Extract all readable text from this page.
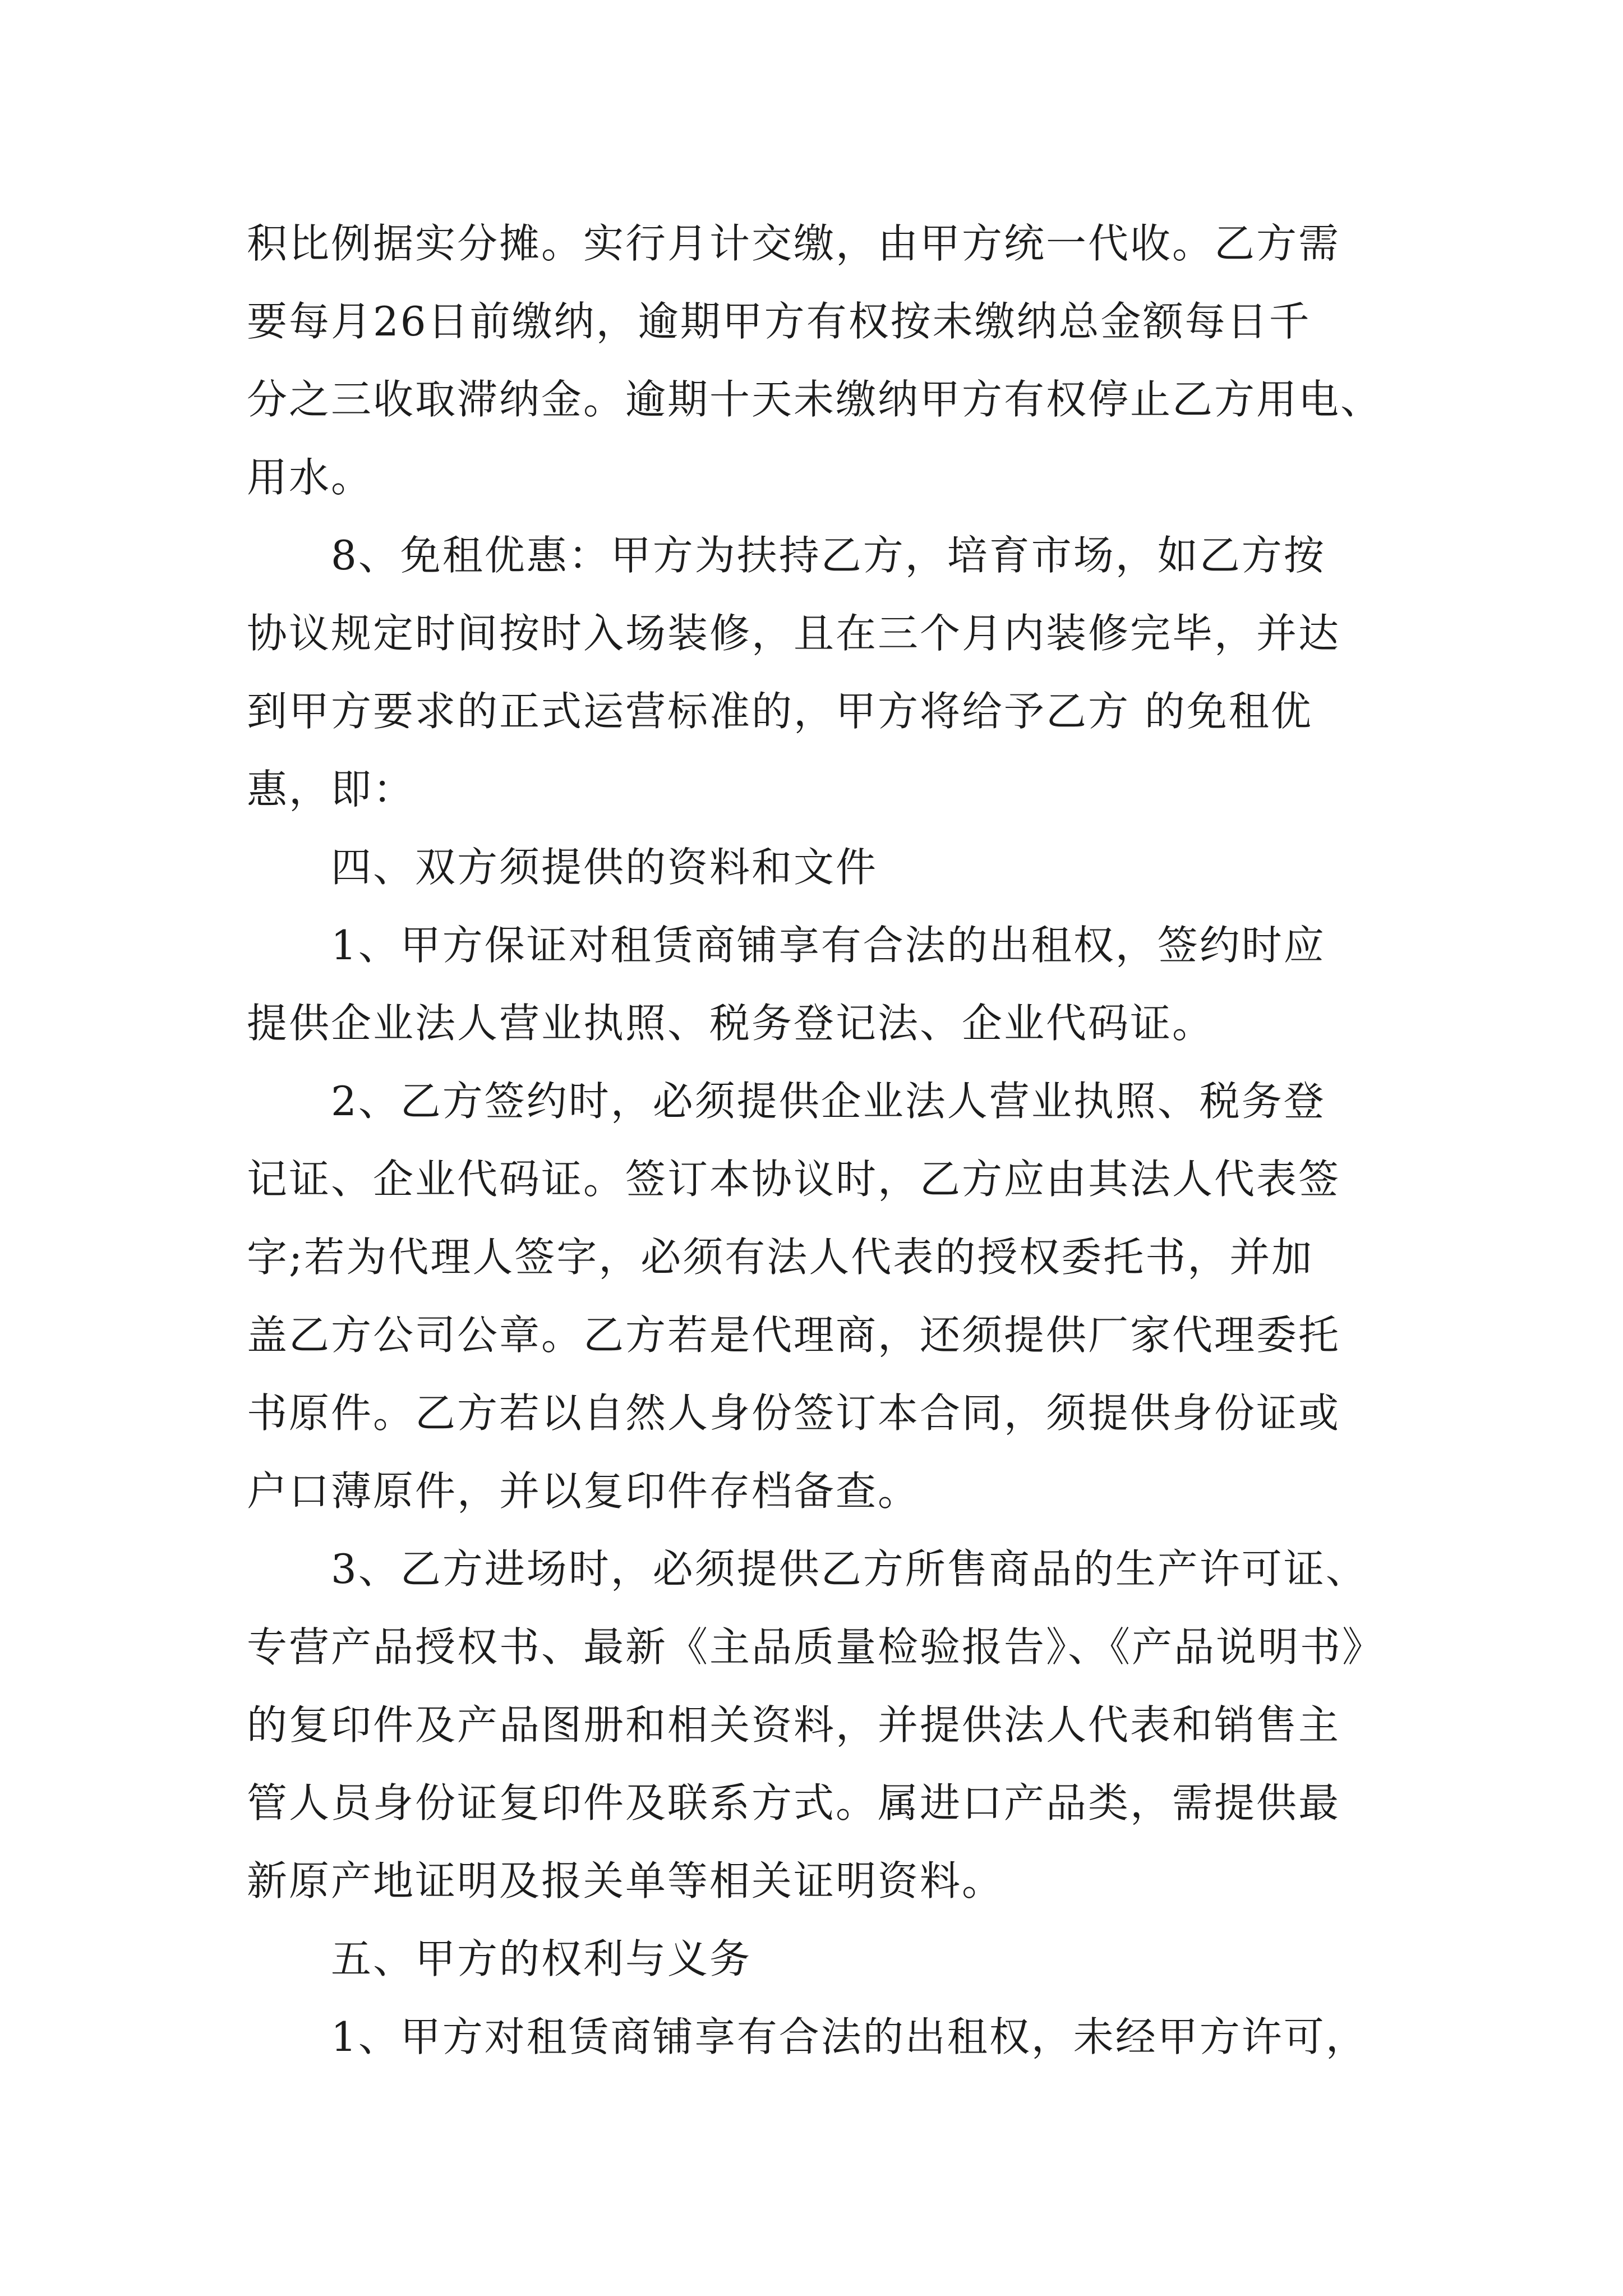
积比例据实分摊。实行月计交缴，由甲方统一代收。乙方需
要每月26日前缴纳，逾期甲方有权按未缴纳总金额每日千
分之三收取滞纳金。逾期十天未缴纳甲方有权停止乙方用电、
用水。
8、免租优惠：甲方为扶持乙方，培育市场，如乙方按
协议规定时间按时入场装修，且在三个月内装修完毕，并达
到甲方要求的正式运营标准的，甲方将给予乙方 的免租优
惠，即：
四、双方须提供的资料和文件
1、甲方保证对租赁商铺享有合法的出租权，签约时应
提供企业法人营业执照、税务登记法、企业代码证。
2、乙方签约时，必须提供企业法人营业执照、税务登
记证、企业代码证。签订本协议时，乙方应由其法人代表签
字;若为代理人签字，必须有法人代表的授权委托书，并加
盖乙方公司公章。乙方若是代理商，还须提供厂家代理委托
书原件。乙方若以自然人身份签订本合同，须提供身份证或
户口薄原件，并以复印件存档备查。
3、乙方进场时，必须提供乙方所售商品的生产许可证、
专营产品授权书、最新《主品质量检验报告》、《产品说明书》
的复印件及产品图册和相关资料，并提供法人代表和销售主
管人员身份证复印件及联系方式。属进口产品类，需提供最
新原产地证明及报关单等相关证明资料。
五、甲方的权利与义务
1、甲方对租赁商铺享有合法的出租权，未经甲方许可，
